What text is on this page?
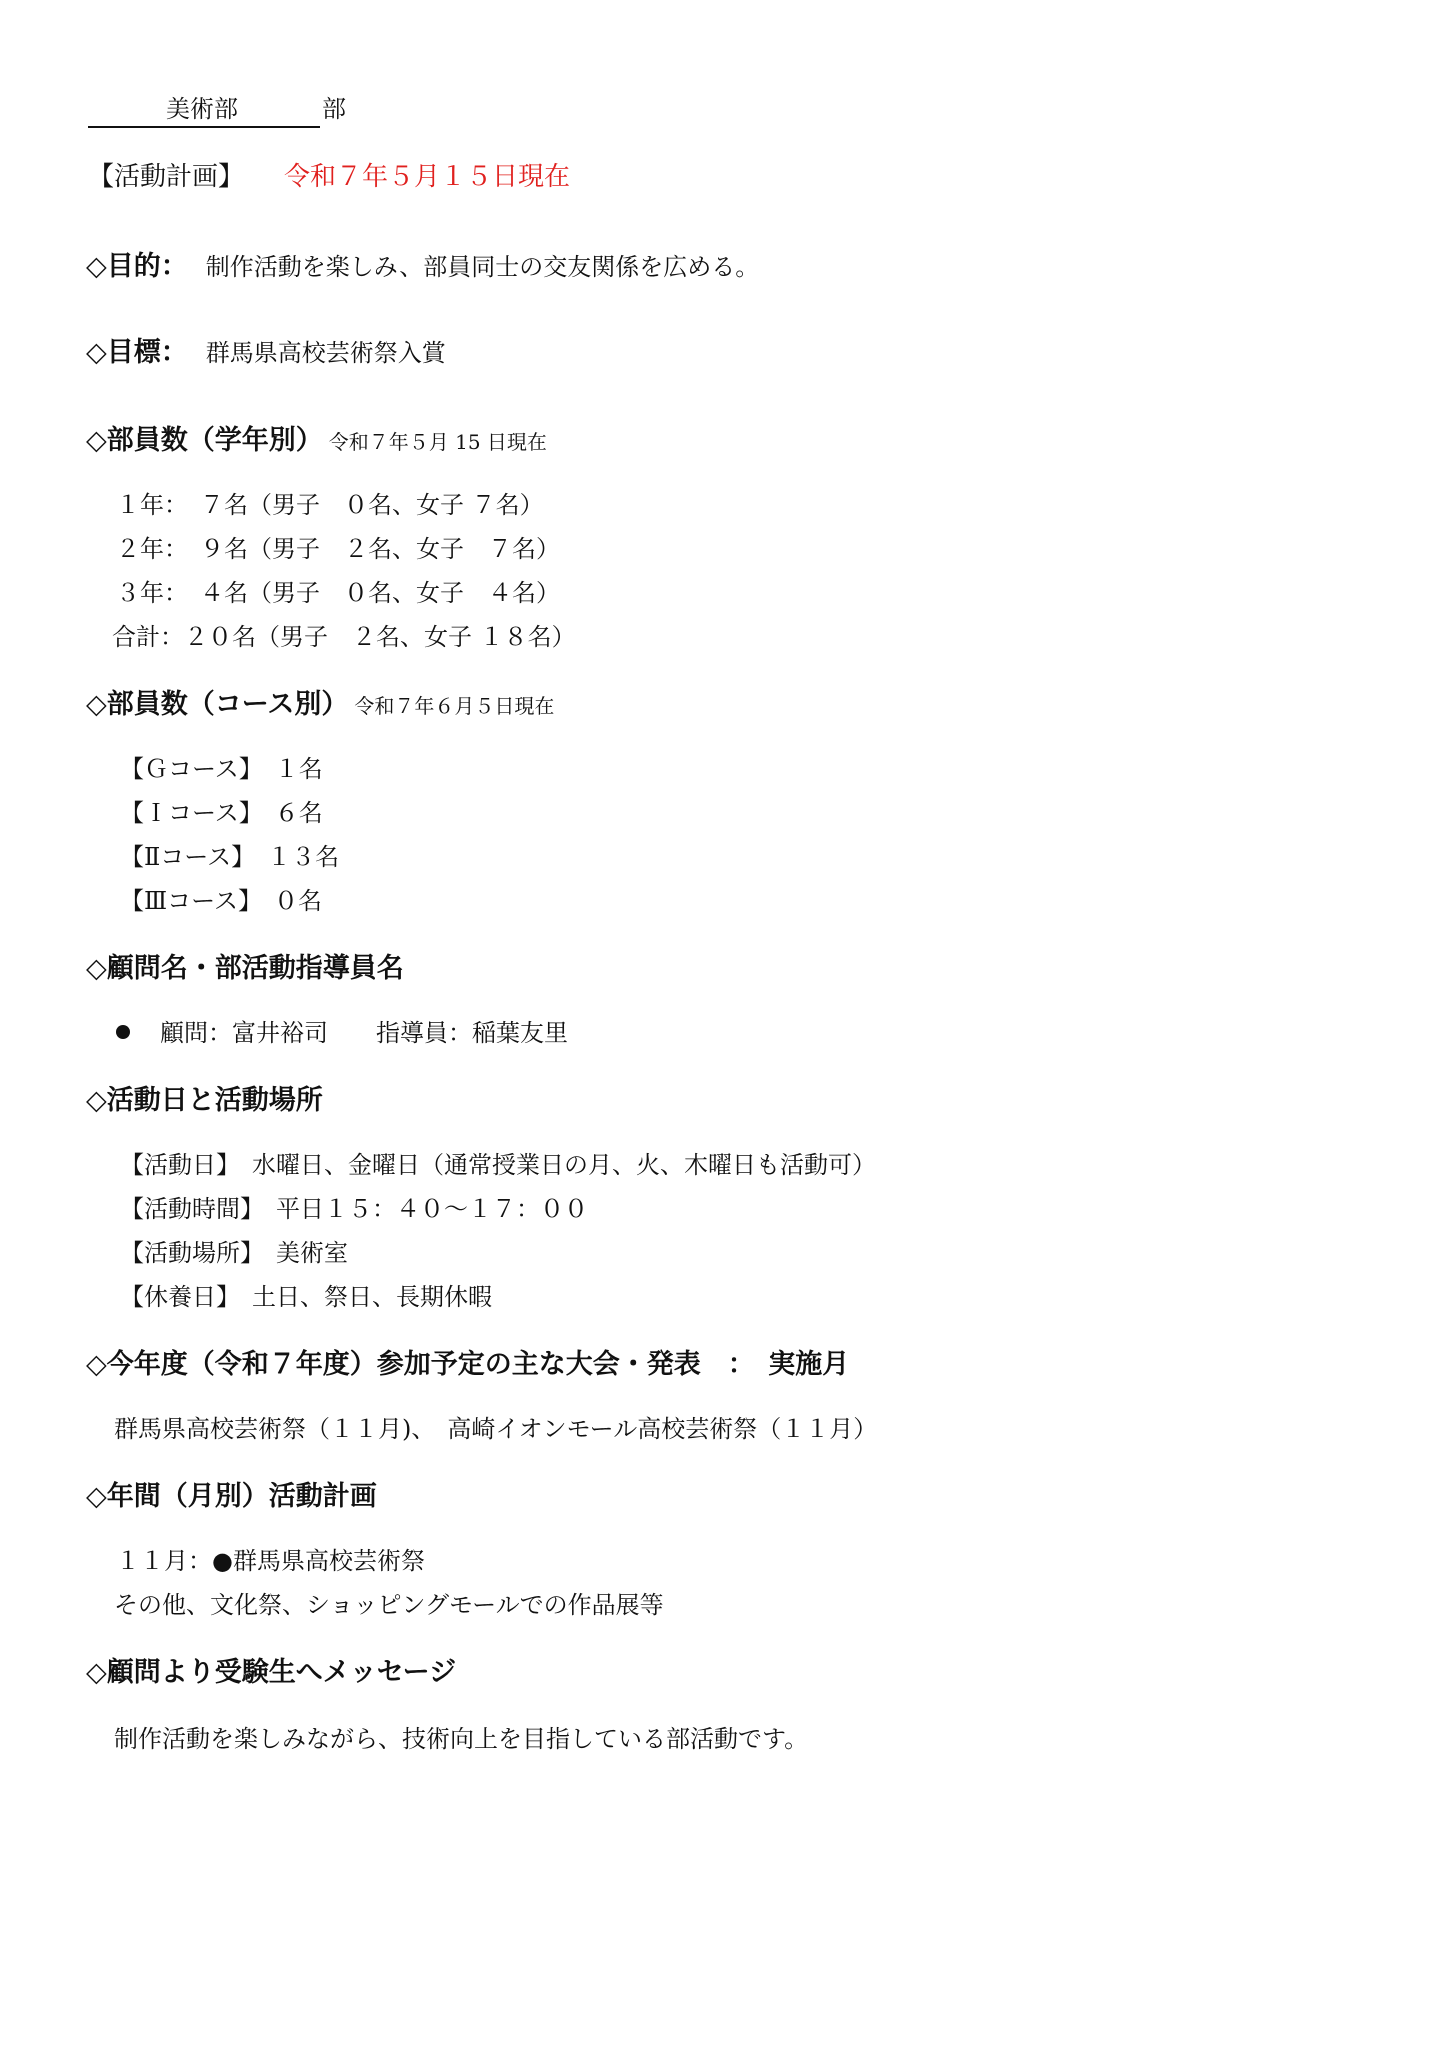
美術部	部
【活動計画】 令和７年５月１５日現在
◇目的： 制作活動を楽しみ、部員同士の交友関係を広める。
◇目標： 群馬県高校芸術祭入賞
◇部員数（学年別） 令和７年５月 15 日現在
１年：　７名（男子　０名、女子 ７名）
２年：　９名（男子　２名、女子　７名）
３年：　４名（男子　０名、女子　４名）
合計：２０名（男子　２名、女子 １８名）
◇部員数（コース別） 令和７年６月５日現在
【Ｇコース】　１名
【Ｉコース】　６名
【Ⅱコース】　１３名
【Ⅲコース】　０名
◇顧問名・部活動指導員名
顧問：富井裕司 指導員：稲葉友里
◇活動日と活動場所
【活動日】　水曜日、金曜日（通常授業日の月、火、木曜日も活動可）
【活動時間】　平日１５：４０～１７：００
【活動場所】　美術室
【休養日】　土日、祭日、長期休暇
◇今年度（令和７年度）参加予定の主な大会・発表　：　実施月
群馬県高校芸術祭（１１月)、　高崎イオンモール高校芸術祭（１１月）
◇年間（月別）活動計画
１１月：●群馬県高校芸術祭
その他、文化祭、ショッピングモールでの作品展等
◇顧問より受験生へメッセージ
制作活動を楽しみながら、技術向上を目指している部活動です。
